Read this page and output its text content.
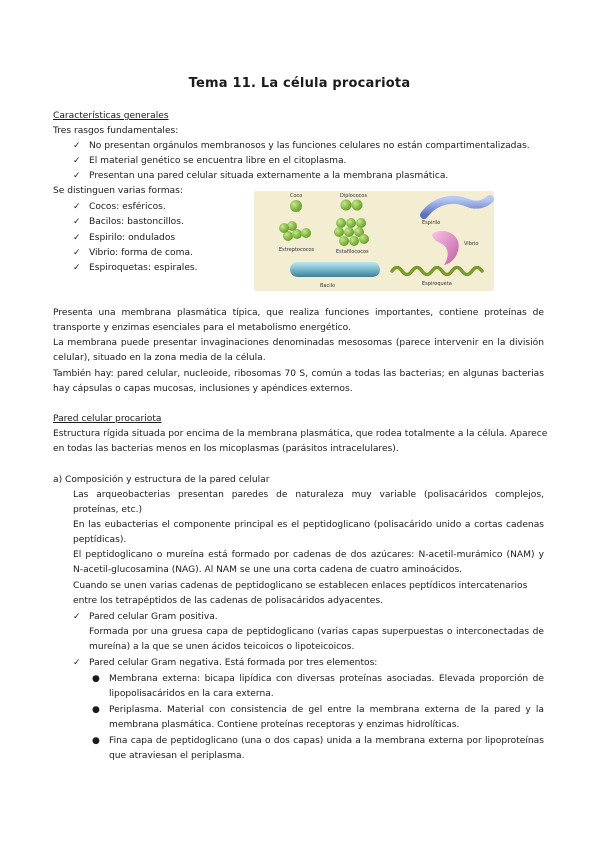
Tema 11. La célula procariota
Características generales
Tres rasgos fundamentales:
✓ No presentan orgánulos membranosos y las funciones celulares no están compartimentalizadas.
✓ El material genético se encuentra libre en el citoplasma.
✓ Presentan una pared celular situada externamente a la membrana plasmática.
Se distinguen varias formas:
✓ Cocos: esféricos.
✓ Bacilos: bastoncillos.
✓ Espirilo: ondulados
✓ Vibrio: forma de coma.
✓ Espiroquetas: espirales.
Coco	Diplococos
Estreptococos	Estafilococos
Bacilo
Espirilo
Vibrio
Espiroqueta
Presenta una membrana plasmática típica, que realiza funciones importantes, contiene proteínas de
transporte y enzimas esenciales para el metabolismo energético.
La membrana puede presentar invaginaciones denominadas mesosomas (parece intervenir en la división
celular), situado en la zona media de la célula.
También hay: pared celular, nucleoide, ribosomas 70 S, común a todas las bacterias; en algunas bacterias
hay cápsulas o capas mucosas, inclusiones y apéndices externos.
Pared celular procariota
Estructura rígida situada por encima de la membrana plasmática, que rodea totalmente a la célula. Aparece
en todas las bacterias menos en los micoplasmas (parásitos intracelulares).
a) Composición y estructura de la pared celular
Las arqueobacterias presentan paredes de naturaleza muy variable (polisacáridos complejos,
proteínas, etc.)
En las eubacterias el componente principal es el peptidoglicano (polisacárido unido a cortas cadenas
peptídicas).
El peptidoglicano o mureína está formado por cadenas de dos azúcares: N-acetil-murámico (NAM) y
N-acetil-glucosamina (NAG). Al NAM se une una corta cadena de cuatro aminoácidos.
Cuando se unen varias cadenas de peptidoglicano se establecen enlaces peptídicos intercatenarios
entre los tetrapéptidos de las cadenas de polisacáridos adyacentes.
✓ Pared celular Gram positiva.
Formada por una gruesa capa de peptidoglicano (varias capas superpuestas o interconectadas de
mureína) a la que se unen ácidos teicoicos o lipoteicoicos.
✓ Pared celular Gram negativa. Está formada por tres elementos:
● Membrana externa: bicapa lipídica con diversas proteínas asociadas. Elevada proporción de
lipopolisacáridos en la cara externa.
● Periplasma. Material con consistencia de gel entre la membrana externa de la pared y la
membrana plasmática. Contiene proteínas receptoras y enzimas hidrolíticas.
● Fina capa de peptidoglicano (una o dos capas) unida a la membrana externa por lipoproteínas
que atraviesan el periplasma.
